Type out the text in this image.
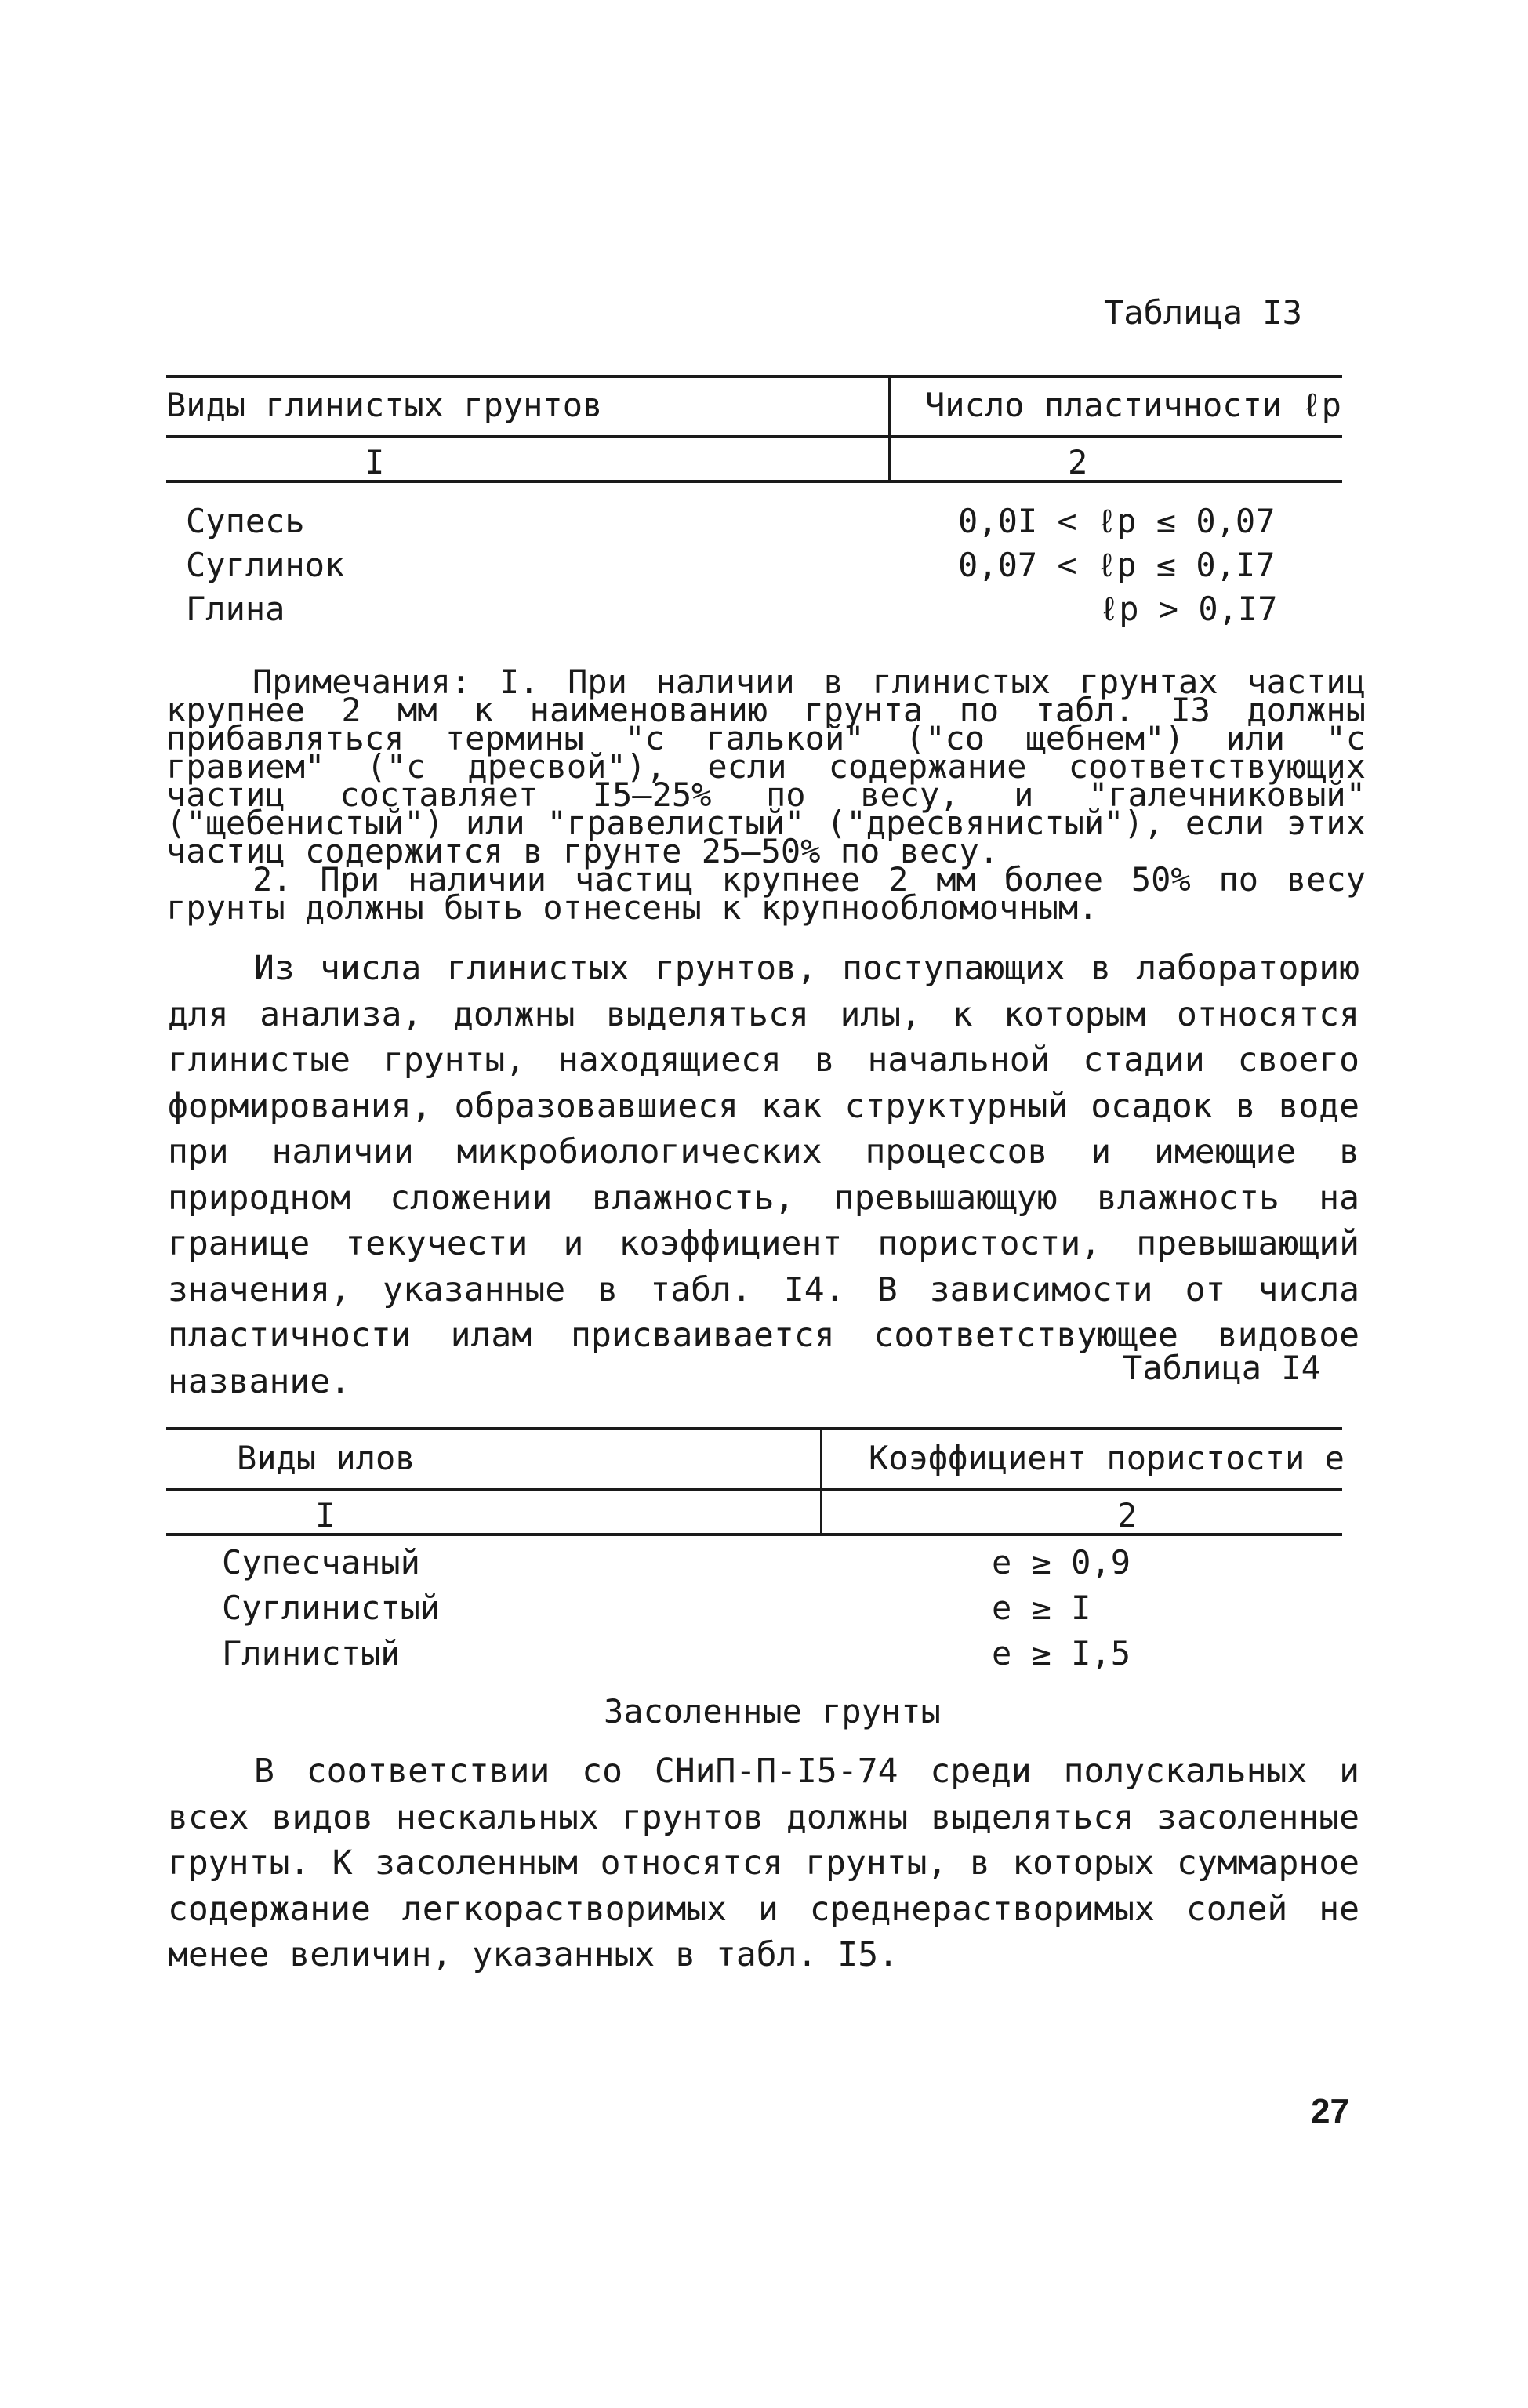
Таблица I3
Виды глинистых грунтов	Число пластичности ℓp
I	2
Супесь	0,0I < ℓp ≤ 0,07
Суглинок	0,07 < ℓp ≤ 0,I7
Глина	ℓp > 0,I7

Примечания: I. При наличии в глинистых грунтах частиц крупнее 2 мм к наименованию грунта по табл. I3 должны прибавляться термины "с галькой" ("со щебнем") или "с гравием" ("с дресвой"), если содержание соответствующих частиц составляет I5–25% по весу, и "галечниковый" ("щебенистый") или "гравелистый" ("дресвянистый"), если этих частиц содержится в грунте 25–50% по весу.

2. При наличии частиц крупнее 2 мм более 50% по весу грунты должны быть отнесены к крупнообломочным.

Из числа глинистых грунтов, поступающих в лабораторию для анализа, должны выделяться илы, к которым относятся глинистые грунты, находящиеся в начальной стадии своего формирования, образовавшиеся как структурный осадок в воде при наличии микробиологических процессов и имеющие в природном сложении влажность, превышающую влажность на границе текучести и коэффициент пористости, превышающий значения, указанные в табл. I4. В зависимости от числа пластичности илам присваивается соответствующее видовое название.	Таблица I4
Виды илов	Коэффициент пористости e
I	2
Супесчаный	e ≥ 0,9
Суглинистый	e ≥ I
Глинистый	e ≥ I,5
Засоленные грунты

В соответствии со СНиП-П-I5-74 среди полускальных и всех видов нескальных грунтов должны выделяться засоленные грунты. К засоленным относятся грунты, в которых суммарное содержание легкорастворимых и среднерастворимых солей не менее величин, указанных в табл. I5.

27
